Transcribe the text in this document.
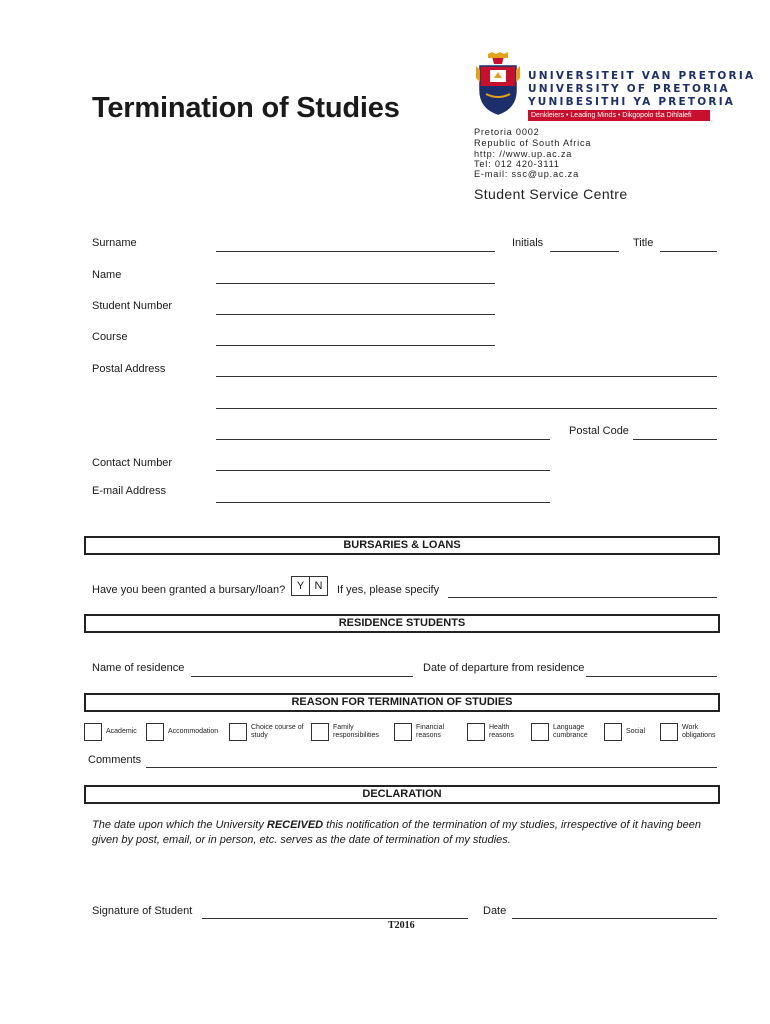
Termination of Studies
UNIVERSITEIT VAN PRETORIA
UNIVERSITY OF PRETORIA
YUNIBESITHI YA PRETORIA
Denkleiers • Leading Minds • Dikgopolo tša Dihlalefi
Pretoria 0002
Republic of South Africa
http: //www.up.ac.za
Tel: 012 420-3111
E-mail: ssc@up.ac.za
Student Service Centre
Surname	Initials	Title
Name
Student Number
Course
Postal Address
Postal Code
Contact Number
E-mail Address
BURSARIES & LOANS
Have you been granted a bursary/loan?	Y N	If yes, please specify
RESIDENCE STUDENTS
Name of residence	Date of departure from residence
REASON FOR TERMINATION OF STUDIES
Academic	Accommodation
Choice course of
study
Family
responsibilities
Financial
reasons
Health
reasons
Language
cumbrance
Social
Work
obligations
Comments
DECLARATION
The date upon which the University RECEIVED this notification of the termination of my studies, irrespective of it having been given by post, email, or in person, etc. serves as the date of termination of my studies.
Signature of Student	Date
T2016
